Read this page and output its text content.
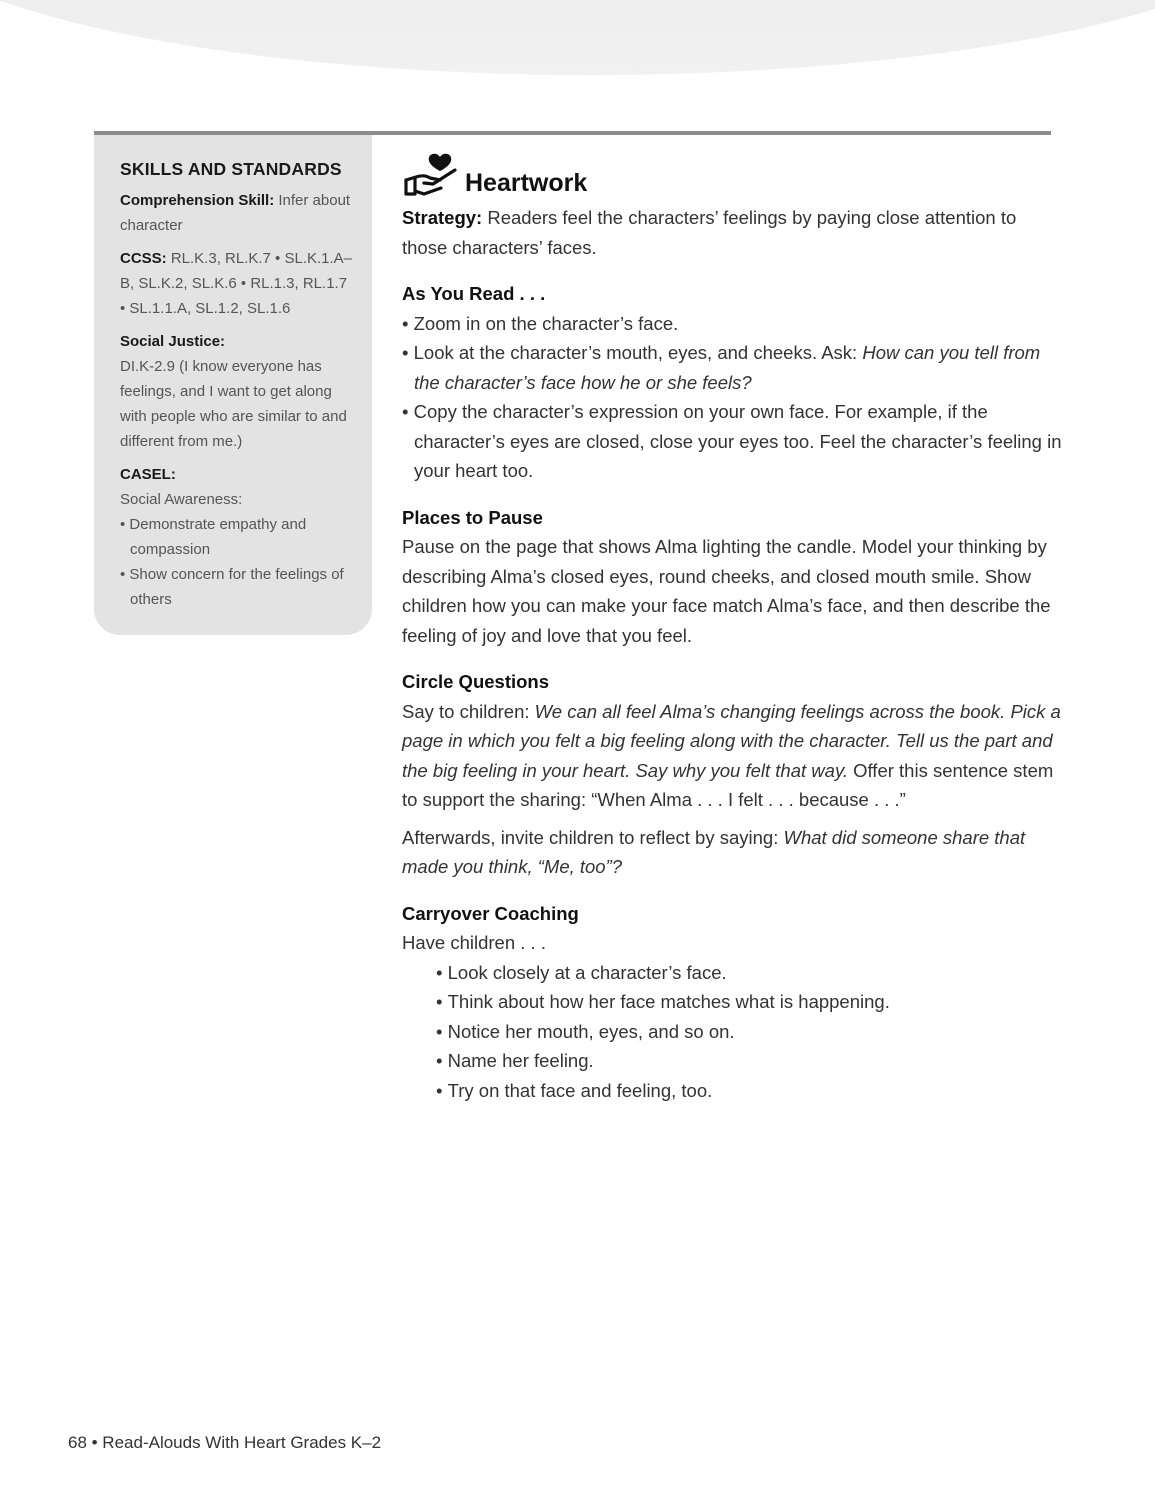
SKILLS AND STANDARDS

Comprehension Skill: Infer about character

CCSS: RL.K.3, RL.K.7 • SL.K.1.A–B, SL.K.2, SL.K.6 • RL.1.3, RL.1.7 • SL.1.1.A, SL.1.2, SL.1.6

Social Justice:
DI.K-2.9 (I know everyone has feelings, and I want to get along with people who are similar to and different from me.)

CASEL:
Social Awareness:
• Demonstrate empathy and compassion
• Show concern for the feelings of others
Heartwork

Strategy: Readers feel the characters’ feelings by paying close attention to those characters’ faces.

As You Read . . .
• Zoom in on the character’s face.
• Look at the character’s mouth, eyes, and cheeks. Ask: How can you tell from the character’s face how he or she feels?
• Copy the character’s expression on your own face. For example, if the character’s eyes are closed, close your eyes too. Feel the character’s feeling in your heart too.
Places to Pause

Pause on the page that shows Alma lighting the candle. Model your thinking by describing Alma’s closed eyes, round cheeks, and closed mouth smile. Show children how you can make your face match Alma’s face, and then describe the feeling of joy and love that you feel.

Circle Questions

Say to children: We can all feel Alma’s changing feelings across the book. Pick a page in which you felt a big feeling along with the character. Tell us the part and the big feeling in your heart. Say why you felt that way. Offer this sentence stem to support the sharing: “When Alma . . . I felt . . . because . . .”

Afterwards, invite children to reflect by saying: What did someone share that made you think, “Me, too”?

Carryover Coaching

Have children . . .

• Look closely at a character’s face.
• Think about how her face matches what is happening.
• Notice her mouth, eyes, and so on.
• Name her feeling.
• Try on that face and feeling, too.
68 • Read-Alouds With Heart Grades K–2
